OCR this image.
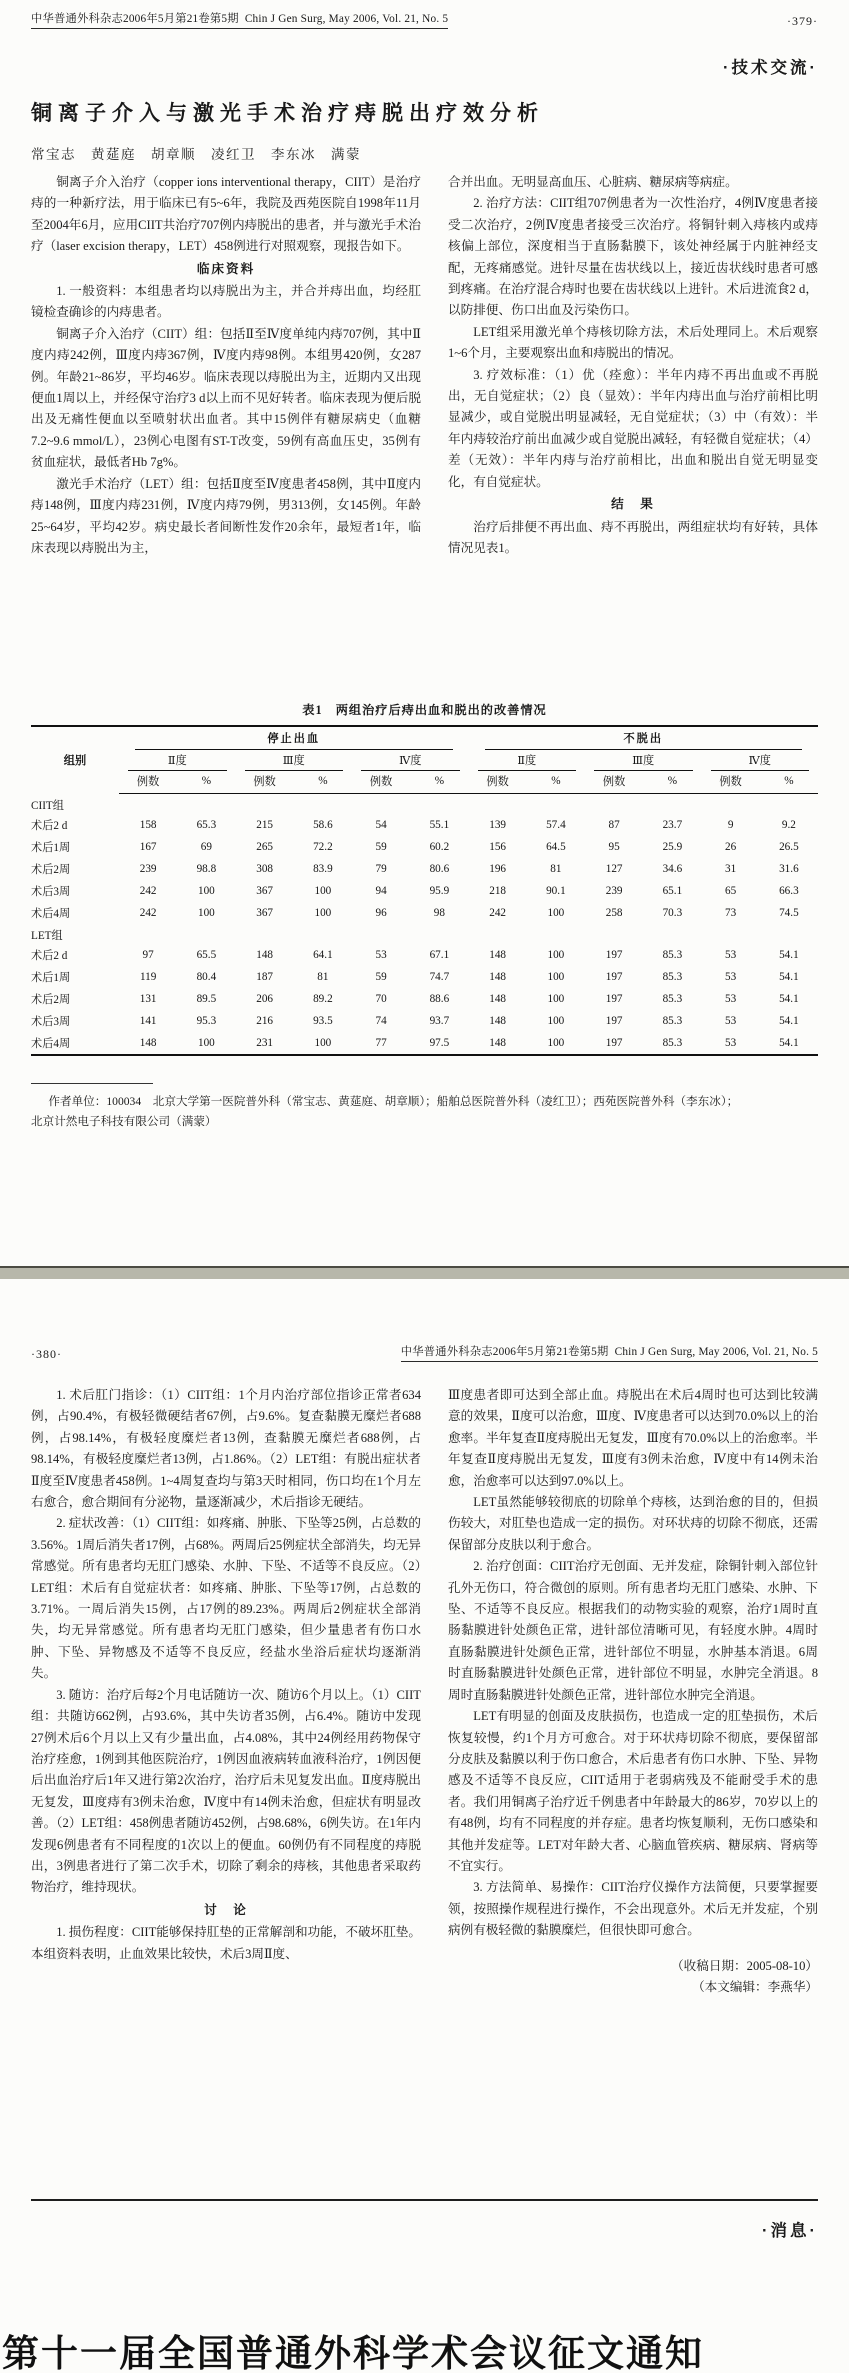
中华普通外科杂志2006年5月第21卷第5期 Chin J Gen Surg, May 2006, Vol. 21, No. 5	·379·
·技术交流·
铜离子介入与激光手术治疗痔脱出疗效分析
常宝志　黄莚庭　胡章顺　凌红卫　李东冰　满蒙
铜离子介入治疗（copper ions interventional therapy，CIIT）是治疗痔的一种新疗法，用于临床已有5~6年，我院及西苑医院自1998年11月至2004年6月，应用CIIT共治疗707例内痔脱出的患者，并与激光手术治疗（laser excision therapy，LET）458例进行对照观察，现报告如下。
临床资料
1. 一般资料：本组患者均以痔脱出为主，并合并痔出血，均经肛镜检查确诊的内痔患者。
铜离子介入治疗（CIIT）组：包括Ⅱ至Ⅳ度单纯内痔707例，其中Ⅱ度内痔242例，Ⅲ度内痔367例，Ⅳ度内痔98例。本组男420例，女287例。年龄21~86岁，平均46岁。临床表现以痔脱出为主，近期内又出现便血1周以上，并经保守治疗3 d以上而不见好转者。临床表现为便后脱出及无痛性便血以至喷射状出血者。其中15例伴有糖尿病史（血糖7.2~9.6 mmol/L），23例心电图有ST-T改变，59例有高血压史，35例有贫血症状，最低者Hb 7g%。
激光手术治疗（LET）组：包括Ⅱ度至Ⅳ度患者458例，其中Ⅱ度内痔148例，Ⅲ度内痔231例，Ⅳ度内痔79例，男313例，女145例。年龄25~64岁，平均42岁。病史最长者间断性发作20余年，最短者1年，临床表现以痔脱出为主，
合并出血。无明显高血压、心脏病、糖尿病等病症。
2. 治疗方法：CIIT组707例患者为一次性治疗，4例Ⅳ度患者接受二次治疗，2例Ⅳ度患者接受三次治疗。将铜针刺入痔核内或痔核偏上部位，深度相当于直肠黏膜下，该处神经属于内脏神经支配，无疼痛感觉。进针尽量在齿状线以上，接近齿状线时患者可感到疼痛。在治疗混合痔时也要在齿状线以上进针。术后进流食2 d，以防排便、伤口出血及污染伤口。
LET组采用激光单个痔核切除方法，术后处理同上。术后观察1~6个月，主要观察出血和痔脱出的情况。
3. 疗效标准：（1）优（痊愈）：半年内痔不再出血或不再脱出，无自觉症状；（2）良（显效）：半年内痔出血与治疗前相比明显减少，或自觉脱出明显减轻，无自觉症状；（3）中（有效）：半年内痔较治疗前出血减少或自觉脱出减轻，有轻微自觉症状；（4）差（无效）：半年内痔与治疗前相比，出血和脱出自觉无明显变化，有自觉症状。
结　果
治疗后排便不再出血、痔不再脱出，两组症状均有好转，具体情况见表1。
表1　两组治疗后痔出血和脱出的改善情况
组别	停止出血						不脱出					

	Ⅱ度		Ⅲ度		Ⅳ度		Ⅱ度		Ⅲ度		Ⅳ度	

	例数	%	例数	%	例数	%	例数	%	例数	%	例数	%
CIIT组												
术后2 d	158	65.3	215	58.6	54	55.1	139	57.4	87	23.7	9	9.2
术后1周	167	69	265	72.2	59	60.2	156	64.5	95	25.9	26	26.5
术后2周	239	98.8	308	83.9	79	80.6	196	81	127	34.6	31	31.6
术后3周	242	100	367	100	94	95.9	218	90.1	239	65.1	65	66.3
术后4周	242	100	367	100	96	98	242	100	258	70.3	73	74.5
LET组												
术后2 d	97	65.5	148	64.1	53	67.1	148	100	197	85.3	53	54.1
术后1周	119	80.4	187	81	59	74.7	148	100	197	85.3	53	54.1
术后2周	131	89.5	206	89.2	70	88.6	148	100	197	85.3	53	54.1
术后3周	141	95.3	216	93.5	74	93.7	148	100	197	85.3	53	54.1
术后4周	148	100	231	100	77	97.5	148	100	197	85.3	53	54.1
作者单位：100034　北京大学第一医院普外科（常宝志、黄莚庭、胡章顺）；船舶总医院普外科（凌红卫）；西苑医院普外科（李东冰）；
北京计然电子科技有限公司（满蒙）
·380·	中华普通外科杂志2006年5月第21卷第5期 Chin J Gen Surg, May 2006, Vol. 21, No. 5
1. 术后肛门指诊：（1）CIIT组：1个月内治疗部位指诊正常者634例，占90.4%，有极轻微硬结者67例，占9.6%。复查黏膜无糜烂者688例，占98.14%，有极轻度糜烂者13例，查黏膜无糜烂者688例，占98.14%，有极轻度糜烂者13例，占1.86%。（2）LET组：有脱出症状者Ⅱ度至Ⅳ度患者458例。1~4周复查均与第3天时相同，伤口均在1个月左右愈合，愈合期间有分泌物，量逐渐减少，术后指诊无硬结。
2. 症状改善：（1）CIIT组：如疼痛、肿胀、下坠等25例，占总数的3.56%。1周后消失者17例，占68%。两周后25例症状全部消失，均无异常感觉。所有患者均无肛门感染、水肿、下坠、不适等不良反应。（2）LET组：术后有自觉症状者：如疼痛、肿胀、下坠等17例，占总数的3.71%。一周后消失15例，占17例的89.23%。两周后2例症状全部消失，均无异常感觉。所有患者均无肛门感染，但少量患者有伤口水肿、下坠、异物感及不适等不良反应，经盐水坐浴后症状均逐渐消失。
3. 随访：治疗后每2个月电话随访一次、随访6个月以上。（1）CIIT组：共随访662例，占93.6%，其中失访者35例，占6.4%。随访中发现27例术后6个月以上又有少量出血，占4.08%，其中24例经用药物保守治疗痊愈，1例到其他医院治疗，1例因血液病转血液科治疗，1例因便后出血治疗后1年又进行第2次治疗，治疗后未见复发出血。Ⅱ度痔脱出无复发，Ⅲ度痔有3例未治愈，Ⅳ度中有14例未治愈，但症状有明显改善。（2）LET组：458例患者随访452例，占98.68%，6例失访。在1年内发现6例患者有不同程度的1次以上的便血。60例仍有不同程度的痔脱出，3例患者进行了第二次手术，切除了剩余的痔核，其他患者采取药物治疗，维持现状。
讨　论
1. 损伤程度：CIIT能够保持肛垫的正常解剖和功能，不破坏肛垫。本组资料表明，止血效果比较快，术后3周Ⅱ度、
Ⅲ度患者即可达到全部止血。痔脱出在术后4周时也可达到比较满意的效果，Ⅱ度可以治愈，Ⅲ度、Ⅳ度患者可以达到70.0%以上的治愈率。半年复查Ⅱ度痔脱出无复发，Ⅲ度有70.0%以上的治愈率。半年复查Ⅱ度痔脱出无复发，Ⅲ度有3例未治愈，Ⅳ度中有14例未治愈，治愈率可以达到97.0%以上。
LET虽然能够较彻底的切除单个痔核，达到治愈的目的，但损伤较大，对肛垫也造成一定的损伤。对环状痔的切除不彻底，还需保留部分皮肤以利于愈合。
2. 治疗创面：CIIT治疗无创面、无并发症，除铜针刺入部位针孔外无伤口，符合微创的原则。所有患者均无肛门感染、水肿、下坠、不适等不良反应。根据我们的动物实验的观察，治疗1周时直肠黏膜进针处颜色正常，进针部位清晰可见，有轻度水肿。4周时直肠黏膜进针处颜色正常，进针部位不明显，水肿基本消退。6周时直肠黏膜进针处颜色正常，进针部位不明显，水肿完全消退。8周时直肠黏膜进针处颜色正常，进针部位水肿完全消退。
LET有明显的创面及皮肤损伤，也造成一定的肛垫损伤，术后恢复较慢，约1个月方可愈合。对于环状痔切除不彻底，要保留部分皮肤及黏膜以利于伤口愈合，术后患者有伤口水肿、下坠、异物感及不适等不良反应，CIIT适用于老弱病残及不能耐受手术的患者。我们用铜离子治疗近千例患者中年龄最大的86岁，70岁以上的有48例，均有不同程度的并存症。患者均恢复顺利，无伤口感染和其他并发症等。LET对年龄大者、心脑血管疾病、糖尿病、肾病等不宜实行。
3. 方法简单、易操作：CIIT治疗仪操作方法简便，只要掌握要领，按照操作规程进行操作，不会出现意外。术后无并发症，个别病例有极轻微的黏膜糜烂，但很快即可愈合。
（收稿日期：2005-08-10）
（本文编辑：李燕华）
·消息·
第十一届全国普通外科学术会议征文通知
